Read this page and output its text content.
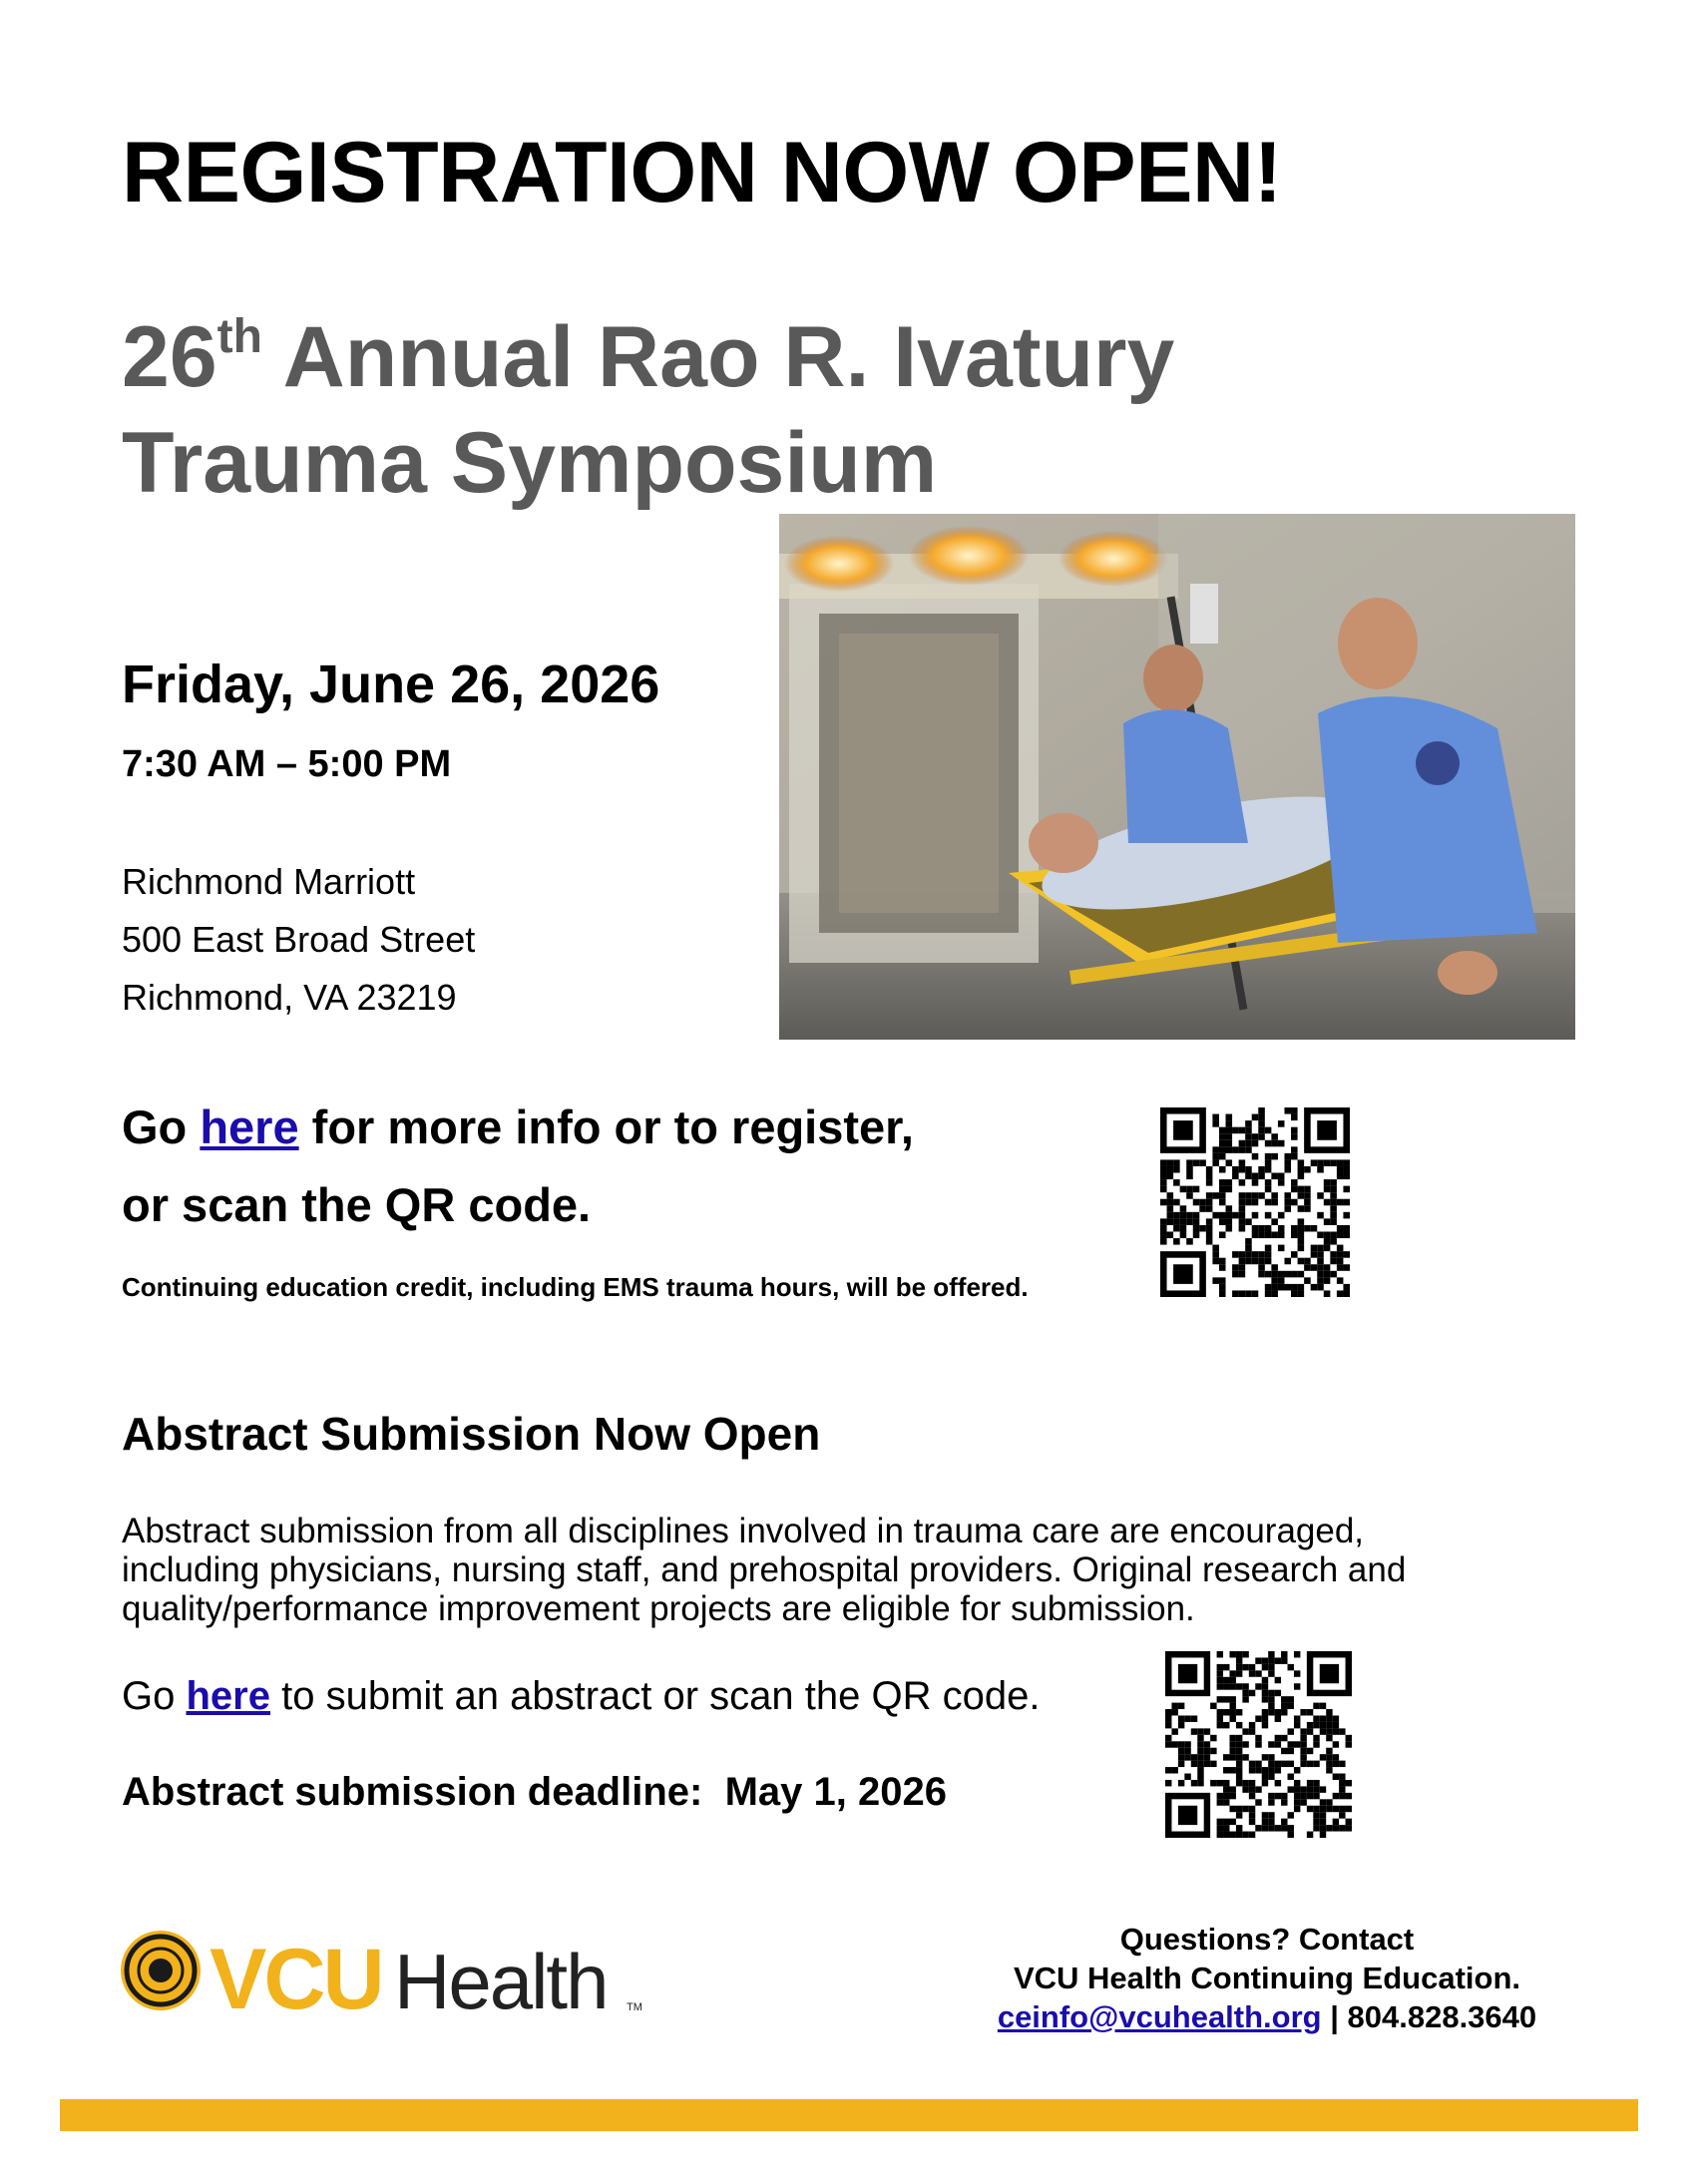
REGISTRATION NOW OPEN!
26th Annual Rao R. Ivatury
Trauma Symposium
Friday, June 26, 2026
7:30 AM – 5:00 PM
Richmond Marriott
500 East Broad Street
Richmond, VA 23219
Go here for more info or to register,
or scan the QR code.
Continuing education credit, including EMS trauma hours, will be offered.
Abstract Submission Now Open
Abstract submission from all disciplines involved in trauma care are encouraged,
including physicians, nursing staff, and prehospital providers. Original research and
quality/performance improvement projects are eligible for submission.
Go here to submit an abstract or scan the QR code.
Abstract submission deadline:  May 1, 2026
VCU Health TM
Questions? Contact
VCU Health Continuing Education.
ceinfo@vcuhealth.org | 804.828.3640
